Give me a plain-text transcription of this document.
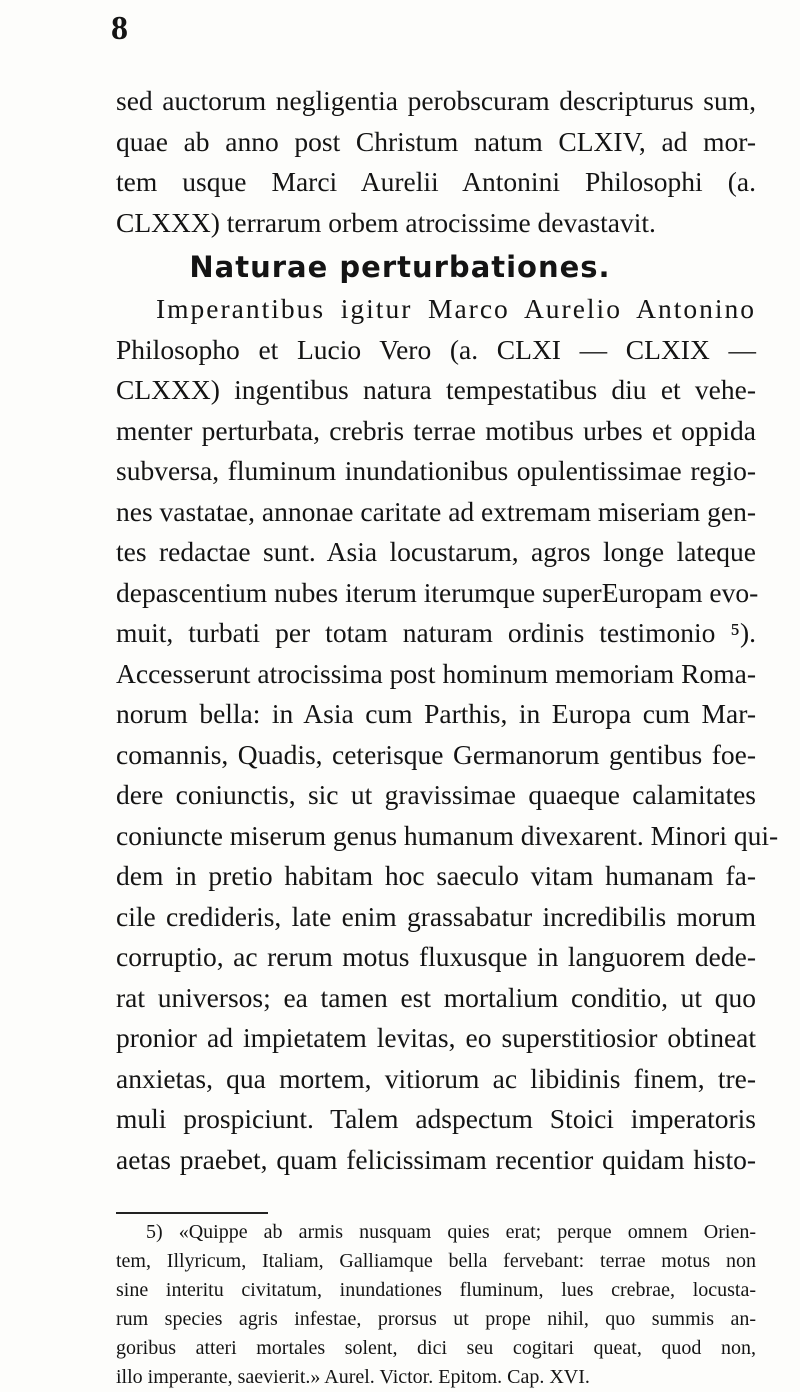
8
sed auctorum negligentia perobscuram descripturus sum,
quae ab anno post Christum natum CLXIV, ad mor-
tem usque Marci Aurelii Antonini Philosophi (a.
CLXXX) terrarum orbem atrocissime devastavit.
Naturae perturbationes.
Imperantibus igitur Marco Aurelio Antonino
Philosopho et Lucio Vero (a. CLXI — CLXIX —
CLXXX) ingentibus natura tempestatibus diu et vehe-
menter perturbata, crebris terrae motibus urbes et oppida
subversa, fluminum inundationibus opulentissimae regio-
nes vastatae, annonae caritate ad extremam miseriam gen-
tes redactae sunt. Asia locustarum, agros longe lateque
depascentium nubes iterum iterumque superEuropam evo-
muit, turbati per totam naturam ordinis testimonio ⁵).
Accesserunt atrocissima post hominum memoriam Roma-
norum bella: in Asia cum Parthis, in Europa cum Mar-
comannis, Quadis, ceterisque Germanorum gentibus foe-
dere coniunctis, sic ut gravissimae quaeque calamitates
coniuncte miserum genus humanum divexarent. Minori qui-
dem in pretio habitam hoc saeculo vitam humanam fa-
cile credideris, late enim grassabatur incredibilis morum
corruptio, ac rerum motus fluxusque in languorem dede-
rat universos; ea tamen est mortalium conditio, ut quo
pronior ad impietatem levitas, eo superstitiosior obtineat
anxietas, qua mortem, vitiorum ac libidinis finem, tre-
muli prospiciunt. Talem adspectum Stoici imperatoris
aetas praebet, quam felicissimam recentior quidam histo-
5) «Quippe ab armis nusquam quies erat; perque omnem Orien-
tem, Illyricum, Italiam, Galliamque bella fervebant: terrae motus non
sine interitu civitatum, inundationes fluminum, lues crebrae, locusta-
rum species agris infestae, prorsus ut prope nihil, quo summis an-
goribus atteri mortales solent, dici seu cogitari queat, quod non,
illo imperante, saevierit.» Aurel. Victor. Epitom. Cap. XVI.
